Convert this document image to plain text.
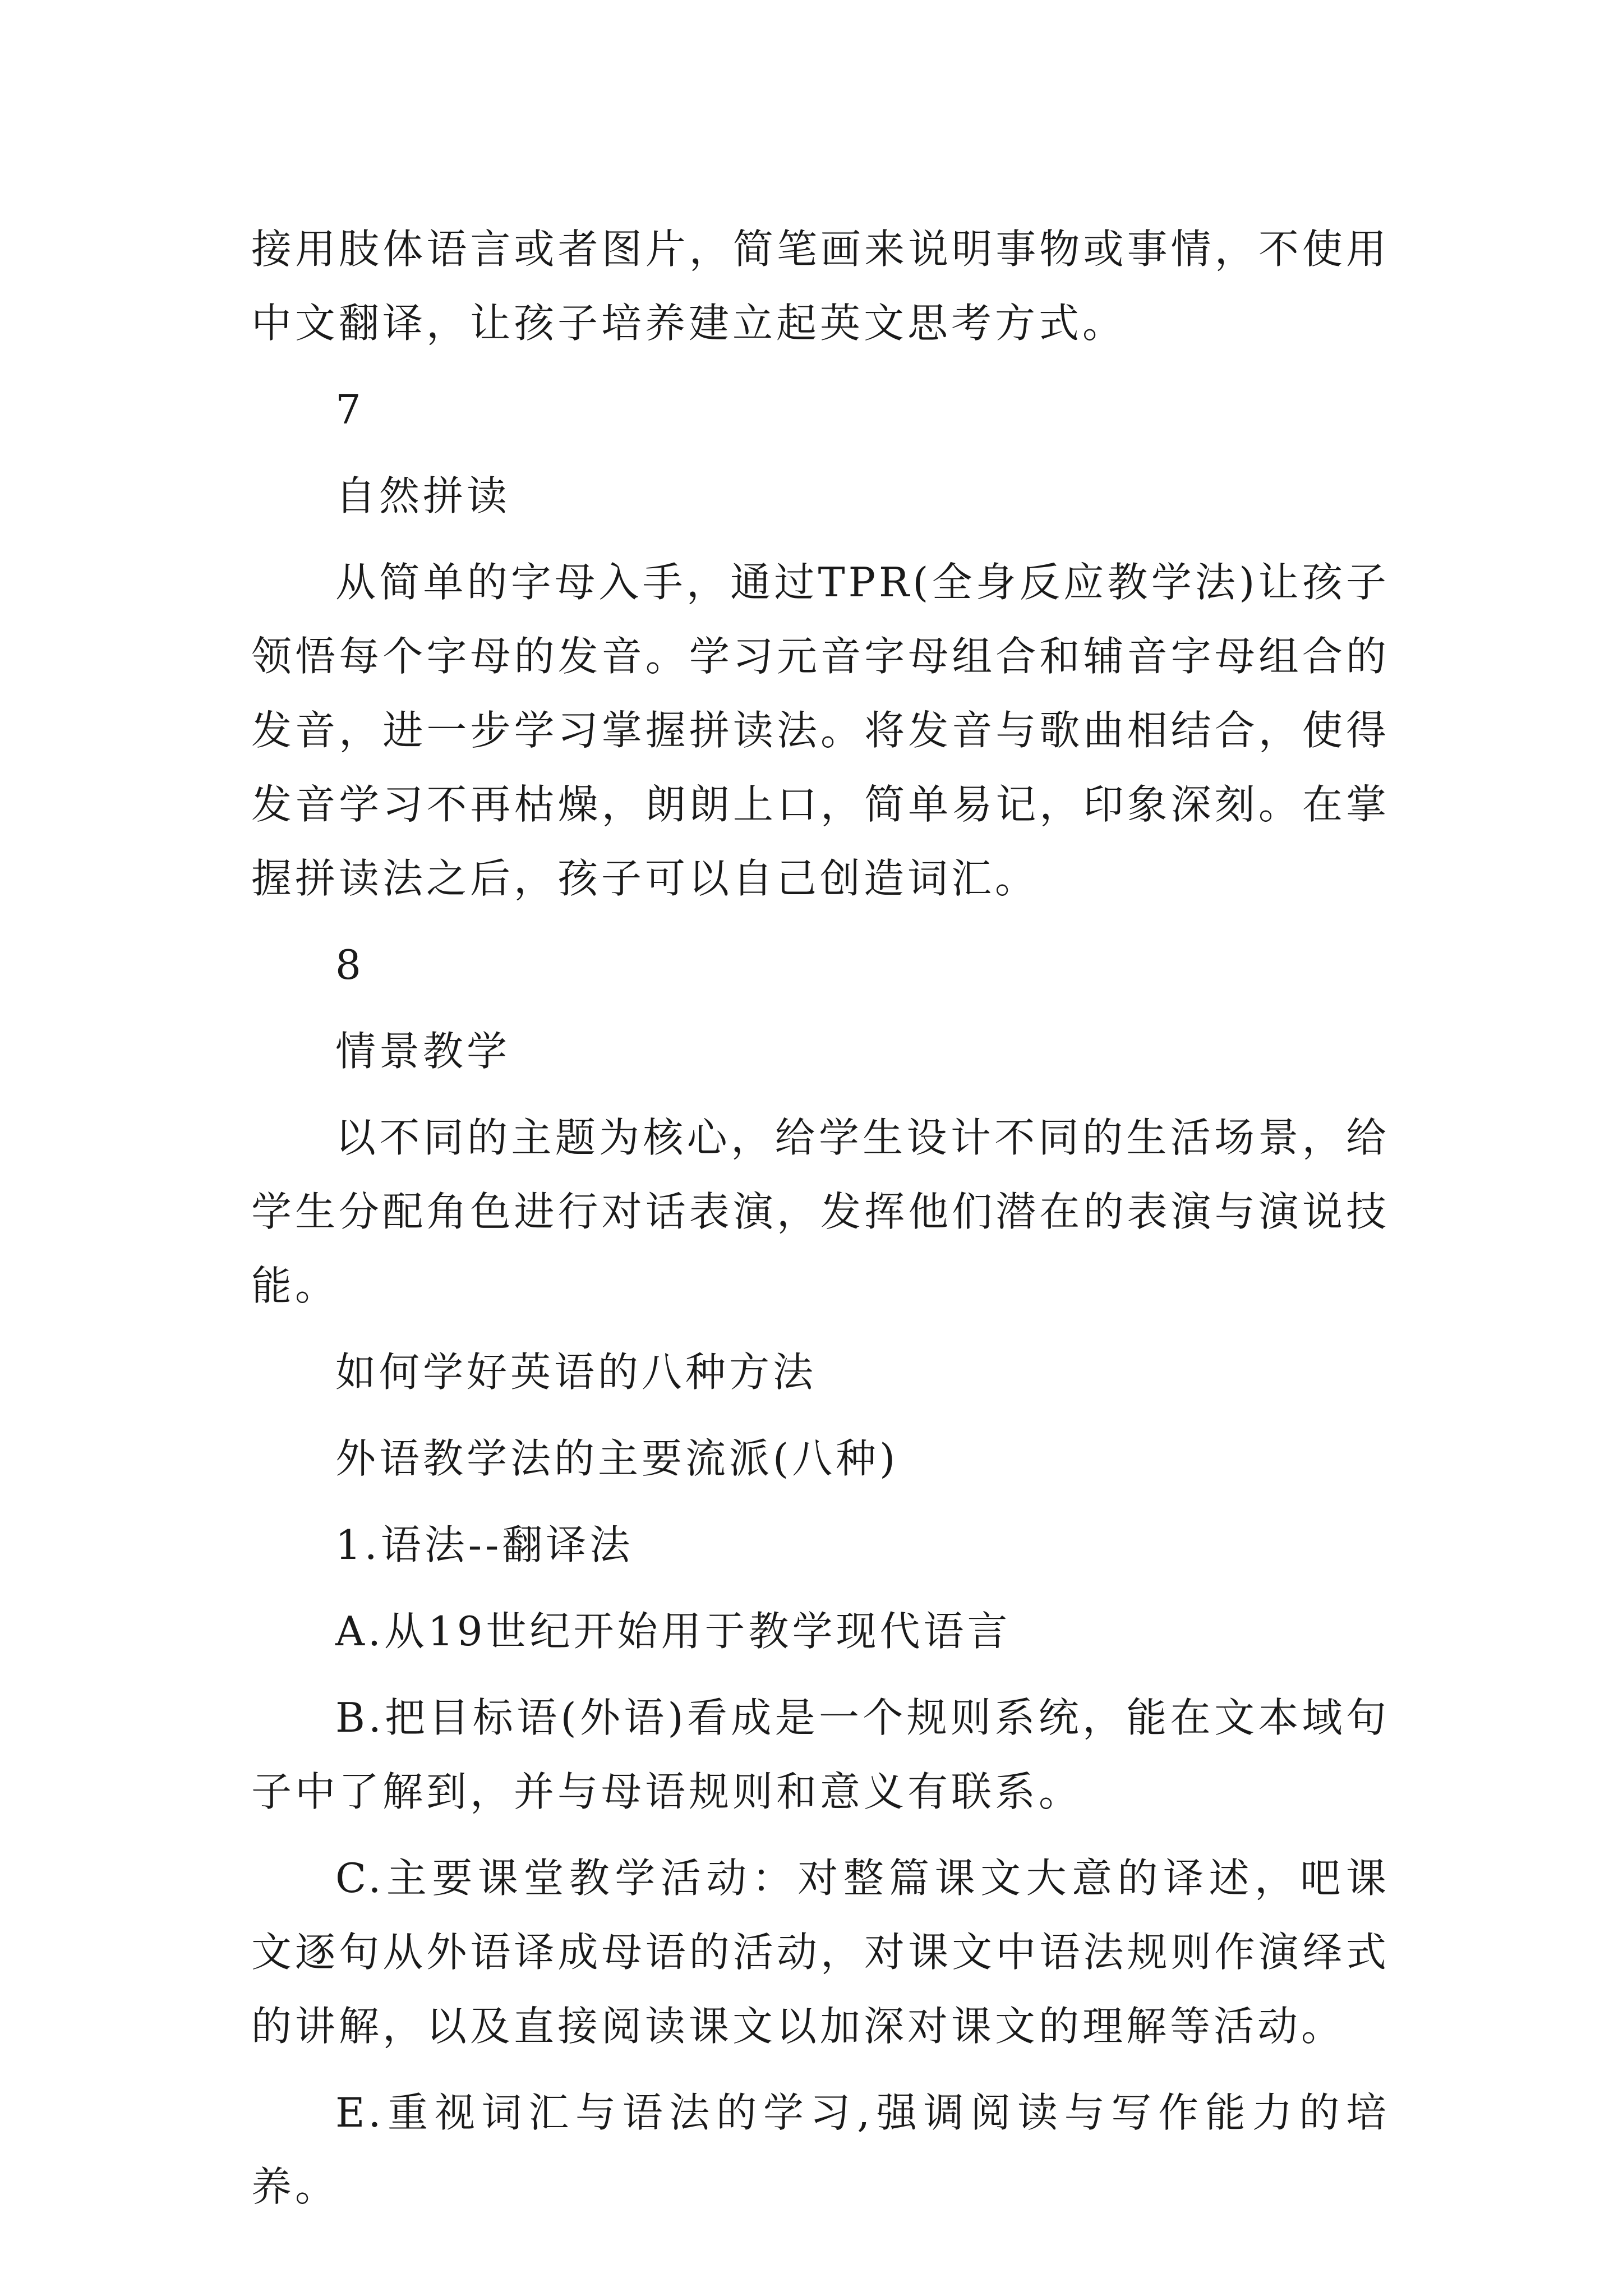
接用肢体语言或者图片，简笔画来说明事物或事情，不使用中文翻译，让孩子培养建立起英文思考方式。

7

自然拼读

从简单的字母入手，通过TPR(全身反应教学法)让孩子领悟每个字母的发音。学习元音字母组合和辅音字母组合的发音，进一步学习掌握拼读法。将发音与歌曲相结合，使得发音学习不再枯燥，朗朗上口，简单易记，印象深刻。在掌握拼读法之后，孩子可以自己创造词汇。

8

情景教学

以不同的主题为核心，给学生设计不同的生活场景，给学生分配角色进行对话表演，发挥他们潜在的表演与演说技能。

如何学好英语的八种方法

外语教学法的主要流派(八种)

1.语法--翻译法

A.从19世纪开始用于教学现代语言

B.把目标语(外语)看成是一个规则系统，能在文本域句子中了解到，并与母语规则和意义有联系。

C.主要课堂教学活动：对整篇课文大意的译述，吧课文逐句从外语译成母语的活动，对课文中语法规则作演绎式的讲解，以及直接阅读课文以加深对课文的理解等活动。

E.重视词汇与语法的学习,强调阅读与写作能力的培养。
